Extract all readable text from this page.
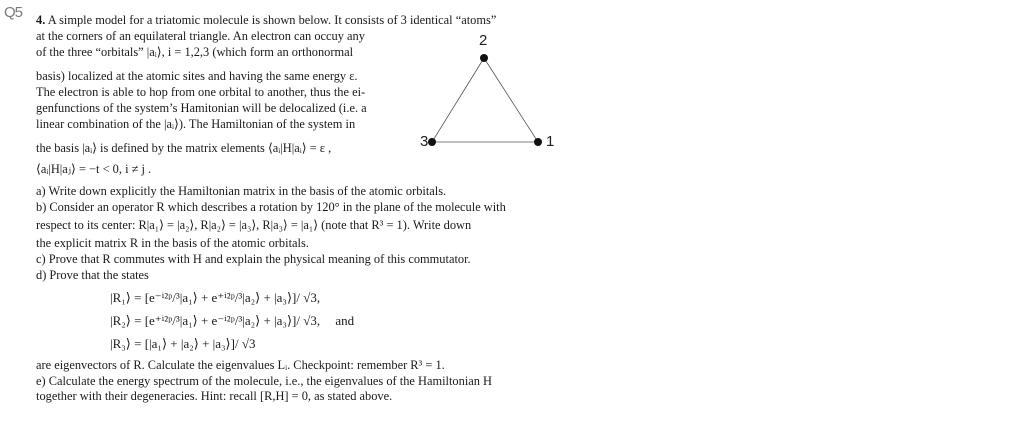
Q5 4. A simple model for a triatomic molecule is shown below. It consists of 3 identical “atoms”
at the corners of an equilateral triangle. An electron can occuy any
of the three “orbitals” |aᵢ⟩, i = 1,2,3 (which form an orthonormal
basis) localized at the atomic sites and having the same energy ε.
The electron is able to hop from one orbital to another, thus the ei-
genfunctions of the system’s Hamitonian will be delocalized (i.e. a
linear combination of the |aᵢ⟩). The Hamiltonian of the system in
the basis |aᵢ⟩ is defined by the matrix elements ⟨aᵢ|H|aᵢ⟩ = ε ,
⟨aᵢ|H|aⱼ⟩ = −t < 0, i ≠ j .
a) Write down explicitly the Hamiltonian matrix in the basis of the atomic orbitals.
b) Consider an operator R which describes a rotation by 120° in the plane of the molecule with
respect to its center: R|a₁⟩ = |a₂⟩, R|a₂⟩ = |a₃⟩, R|a₃⟩ = |a₁⟩ (note that R³ = 1). Write down
the explicit matrix R in the basis of the atomic orbitals.
c) Prove that R commutes with H and explain the physical meaning of this commutator.
d) Prove that the states
|R₁⟩ = [e⁻ⁱ²ᵖ/³|a₁⟩ + e⁺ⁱ²ᵖ/³|a₂⟩ + |a₃⟩]/ √3,
|R₂⟩ = [e⁺ⁱ²ᵖ/³|a₁⟩ + e⁻ⁱ²ᵖ/³|a₂⟩ + |a₃⟩]/ √3, and
|R₃⟩ = [|a₁⟩ + |a₂⟩ + |a₃⟩]/ √3
are eigenvectors of R. Calculate the eigenvalues Lᵢ. Checkpoint: remember R³ = 1.
e) Calculate the energy spectrum of the molecule, i.e., the eigenvalues of the Hamiltonian H
together with their degeneracies. Hint: recall [R,H] = 0, as stated above.
2
3	1
